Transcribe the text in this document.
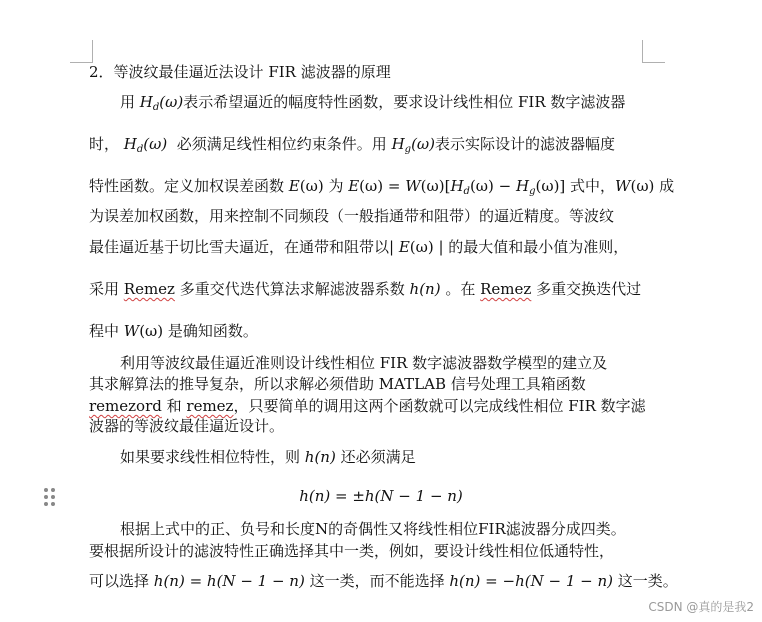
2．等波纹最佳逼近法设计 FIR 滤波器的原理
用 $H_d(\omega)$表示希望逼近的幅度特性函数，要求设计线性相位 FIR 数字滤波器
时， $H_d(\omega)$ 必须满足线性相位约束条件。用 $H_g(\omega)$表示实际设计的滤波器幅度
特性函数。定义加权误差函数 E(ω) 为 $E(\omega) = W(\omega)[H_d(\omega) - H_g(\omega)]$ 式中，W(ω) 成
为误差加权函数，用来控制不同频段（一般指通带和阻带）的逼近精度。等波纹
最佳逼近基于切比雪夫逼近，在通带和阻带以| E(ω) | 的最大值和最小值为准则，
采用 Remez 多重交代迭代算法求解滤波器系数 h(n) 。在 Remez 多重交换迭代过
程中 W(ω) 是确知函数。
利用等波纹最佳逼近准则设计线性相位 FIR 数字滤波器数学模型的建立及
其求解算法的推导复杂，所以求解必须借助 MATLAB 信号处理工具箱函数
remezord 和 remez，只要简单的调用这两个函数就可以完成线性相位 FIR 数字滤
波器的等波纹最佳逼近设计。
如果要求线性相位特性，则 h(n) 还必须满足
h(n) = ±h(N − 1 − n)
根据上式中的正、负号和长度N的奇偶性又将线性相位FIR滤波器分成四类。
要根据所设计的滤波特性正确选择其中一类，例如，要设计线性相位低通特性，
可以选择 h(n) = h(N − 1 − n) 这一类，而不能选择 h(n) = −h(N − 1 − n) 这一类。
CSDN @真的是我2
